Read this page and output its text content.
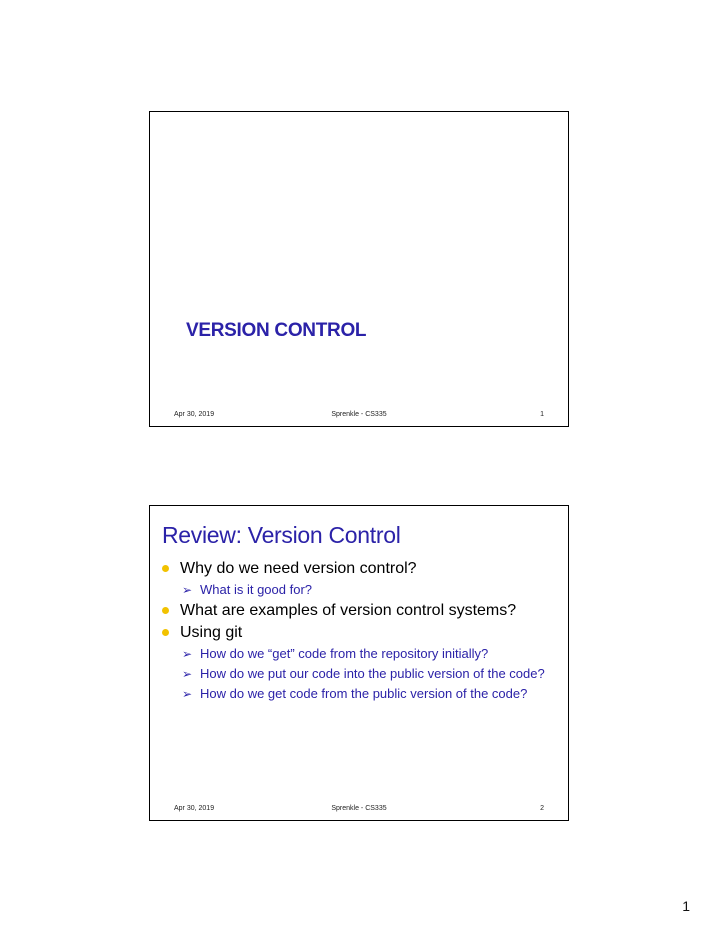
VERSION CONTROL
Apr 30, 2019	Sprenkle - CS335	1
Review: Version Control
Why do we need version control?
➢ What is it good for?
What are examples of version control systems?
Using git
➢ How do we “get” code from the repository initially?
➢ How do we put our code into the public version of the code?
➢ How do we get code from the public version of the code?
Apr 30, 2019	Sprenkle - CS335	2
1
